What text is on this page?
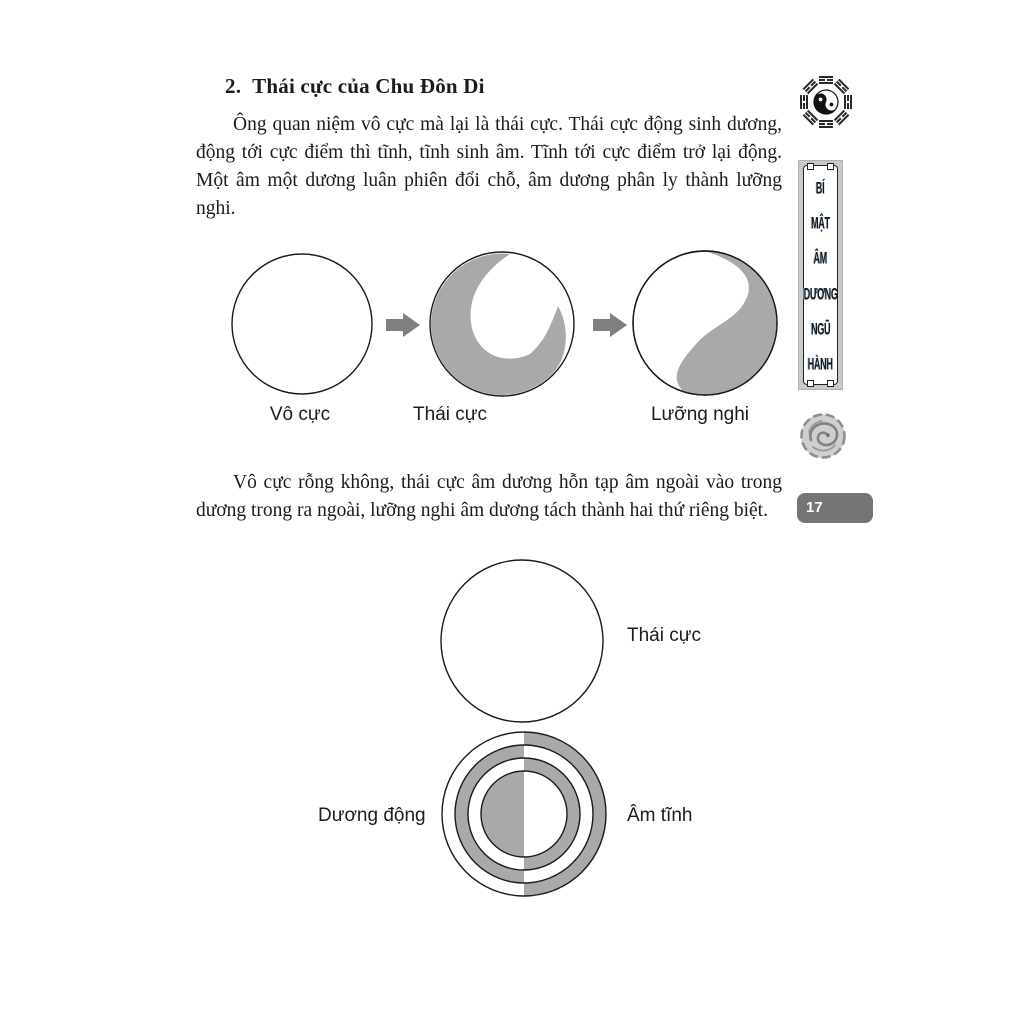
2. Thái cực của Chu Đôn Di
Ông quan niệm vô cực mà lại là thái cực. Thái cực động sinh dương, động tới cực điểm thì tĩnh, tĩnh sinh âm. Tĩnh tới cực điểm trở lại động. Một âm một dương luân phiên đổi chỗ, âm dương phân ly thành lưỡng nghi.
Vô cực	Thái cực	Lưỡng nghi
Vô cực rỗng không, thái cực âm dương hỗn tạp âm ngoài vào trong dương trong ra ngoài, lưỡng nghi âm dương tách thành hai thứ riêng biệt.
Thái cực
Dương động	Âm tĩnh
BÍ
MẬT
ÂM
DƯƠNG
NGŨ
HÀNH
17
